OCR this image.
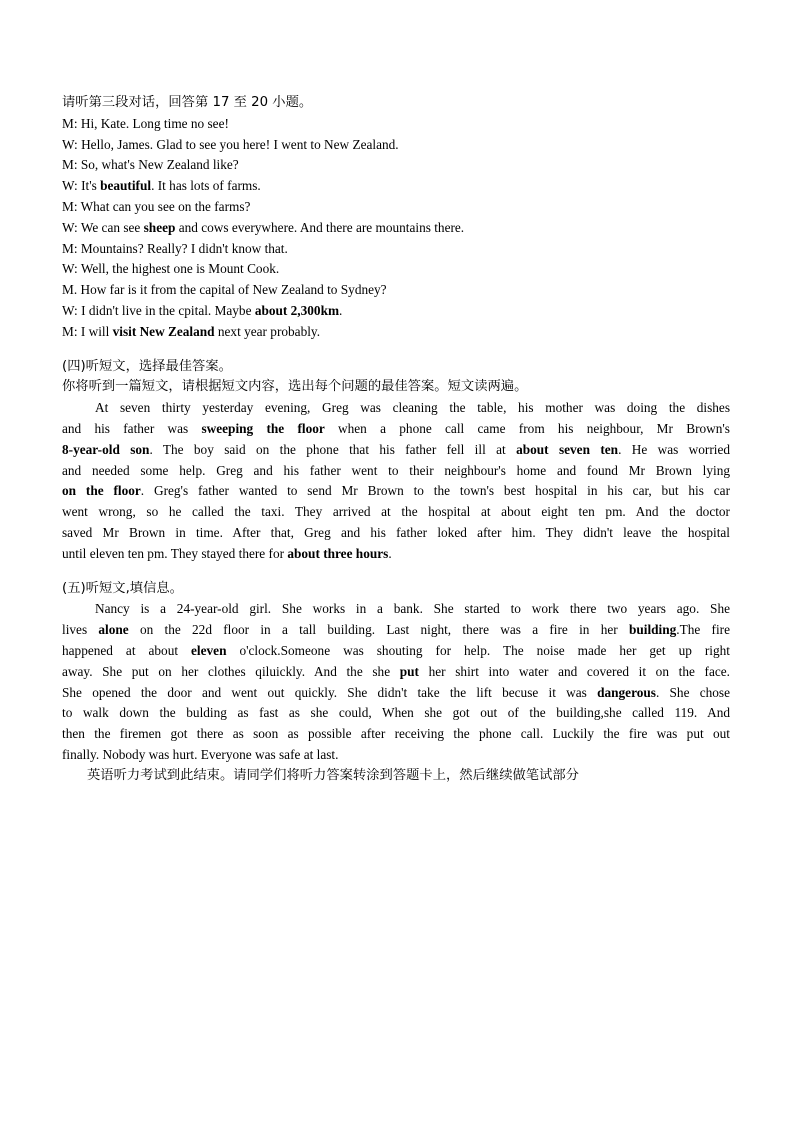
请听第三段对话，回答第 17 至 20 小题。
M: Hi, Kate. Long time no see!
W: Hello, James. Glad to see you here! I went to New Zealand.
M: So, what's New Zealand like?
W: It's beautiful. It has lots of farms.
M: What can you see on the farms?
W: We can see sheep and cows everywhere. And there are mountains there.
M: Mountains? Really? I didn't know that.
W: Well, the highest one is Mount Cook.
M. How far is it from the capital of New Zealand to Sydney?
W: I didn't live in the cpital. Maybe about 2,300km.
M: I will visit New Zealand next year probably.
(四)听短文，选择最佳答案。
你将听到一篇短文，请根据短文内容，选出每个问题的最佳答案。短文读两遍。
At seven thirty yesterday evening, Greg was cleaning the table, his mother was doing the dishes
and his father was sweeping the floor when a phone call came from his neighbour, Mr Brown's
8-year-old son. The boy said on the phone that his father fell ill at about seven ten. He was worried
and needed some help. Greg and his father went to their neighbour's home and found Mr Brown lying
on the floor. Greg's father wanted to send Mr Brown to the town's best hospital in his car, but his car
went wrong, so he called the taxi. They arrived at the hospital at about eight ten pm. And the doctor
saved Mr Brown in time. After that, Greg and his father loked after him. They didn't leave the hospital
until eleven ten pm. They stayed there for about three hours.
(五)听短文,填信息。
Nancy is a 24-year-old girl. She works in a bank. She started to work there two years ago. She
lives alone on the 22d floor in a tall building. Last night, there was a fire in her building.The fire
happened at about eleven o'clock.Someone was shouting for help. The noise made her get up right
away. She put on her clothes qiluickly. And the she put her shirt into water and covered it on the face.
She opened the door and went out quickly. She didn't take the lift becuse it was dangerous. She chose
to walk down the bulding as fast as she could, When she got out of the building,she called 119. And
then the firemen got there as soon as possible after receiving the phone call. Luckily the fire was put out
finally. Nobody was hurt. Everyone was safe at last.
英语听力考试到此结束。请同学们将听力答案转涂到答题卡上，然后继续做笔试部分
